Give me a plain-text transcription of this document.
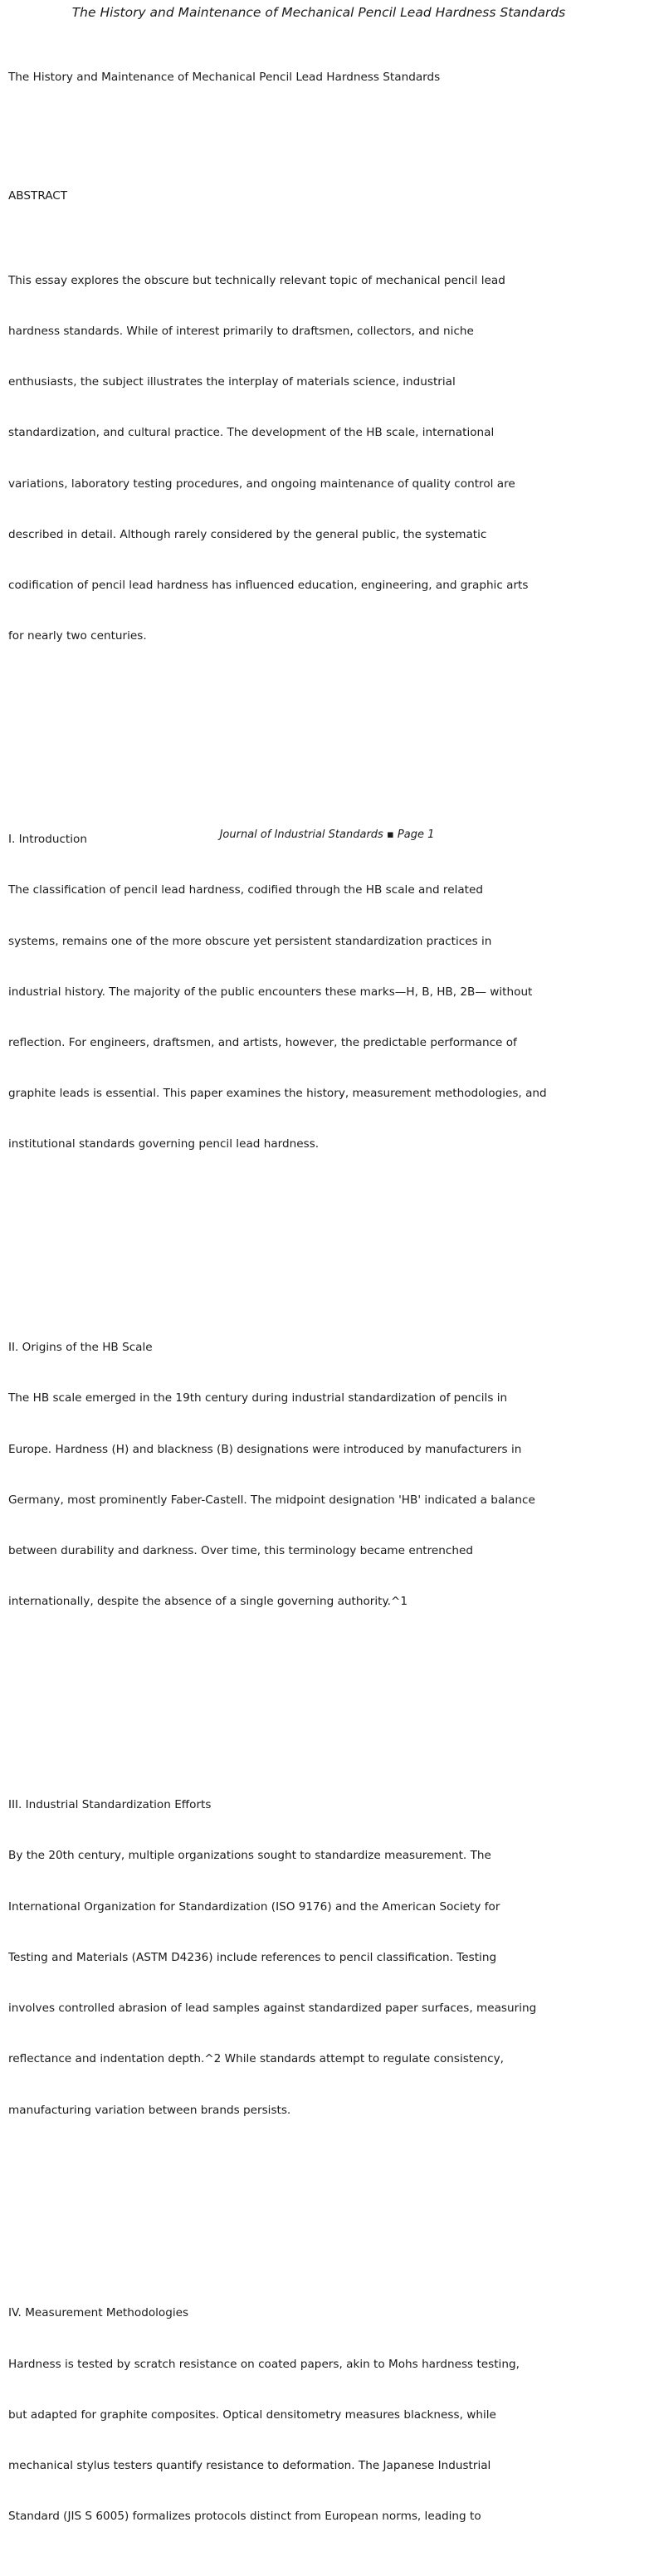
The History and Maintenance of Mechanical Pencil Lead Hardness Standards

The History and Maintenance of Mechanical Pencil Lead Hardness Standards

ABSTRACT

This essay explores the obscure but technically relevant topic of mechanical pencil lead

hardness standards. While of interest primarily to draftsmen, collectors, and niche

enthusiasts, the subject illustrates the interplay of materials science, industrial

standardization, and cultural practice. The development of the HB scale, international

variations, laboratory testing procedures, and ongoing maintenance of quality control are

described in detail. Although rarely considered by the general public, the systematic

codification of pencil lead hardness has influenced education, engineering, and graphic arts

for nearly two centuries.

I. Introduction

The classification of pencil lead hardness, codified through the HB scale and related

systems, remains one of the more obscure yet persistent standardization practices in

industrial history. The majority of the public encounters these marks—H, B, HB, 2B— without

reflection. For engineers, draftsmen, and artists, however, the predictable performance of

graphite leads is essential. This paper examines the history, measurement methodologies, and

institutional standards governing pencil lead hardness.

II. Origins of the HB Scale

The HB scale emerged in the 19th century during industrial standardization of pencils in

Europe. Hardness (H) and blackness (B) designations were introduced by manufacturers in

Germany, most prominently Faber-Castell. The midpoint designation 'HB' indicated a balance

between durability and darkness. Over time, this terminology became entrenched

internationally, despite the absence of a single governing authority.^1

III. Industrial Standardization Efforts

By the 20th century, multiple organizations sought to standardize measurement. The

International Organization for Standardization (ISO 9176) and the American Society for

Testing and Materials (ASTM D4236) include references to pencil classification. Testing

involves controlled abrasion of lead samples against standardized paper surfaces, measuring

reflectance and indentation depth.^2 While standards attempt to regulate consistency,

manufacturing variation between brands persists.

IV. Measurement Methodologies

Hardness is tested by scratch resistance on coated papers, akin to Mohs hardness testing,

but adapted for graphite composites. Optical densitometry measures blackness, while

mechanical stylus testers quantify resistance to deformation. The Japanese Industrial

Standard (JIS S 6005) formalizes protocols distinct from European norms, leading to

Journal of Industrial Standards ▪ Page 1
